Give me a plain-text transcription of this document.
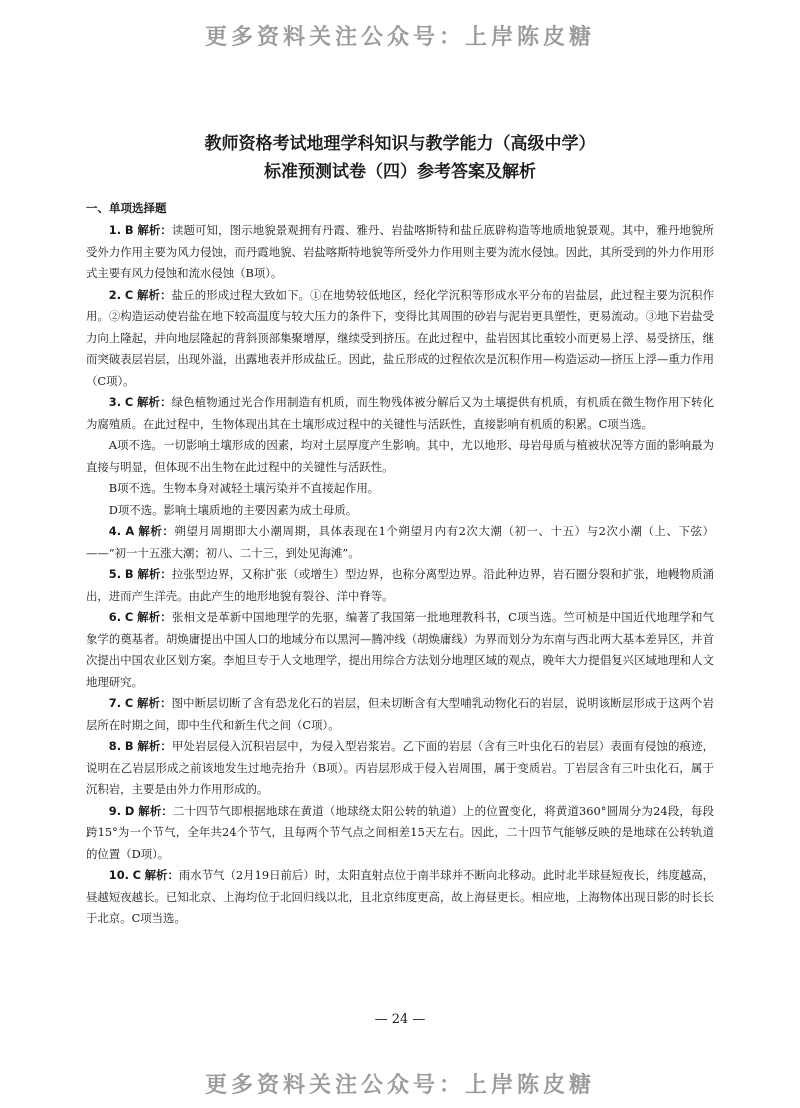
更多资料关注公众号：上岸陈皮糖

教师资格考试地理学科知识与教学能力（高级中学）

标准预测试卷（四）参考答案及解析

一、单项选择题

1. B 解析：读题可知，图示地貌景观拥有丹霞、雅丹、岩盐喀斯特和盐丘底辟构造等地质地貌景观。其中，雅丹地貌所受外力作用主要为风力侵蚀，而丹霞地貌、岩盐喀斯特地貌等所受外力作用则主要为流水侵蚀。因此，其所受到的外力作用形式主要有风力侵蚀和流水侵蚀（B项）。

2. C 解析：盐丘的形成过程大致如下。①在地势较低地区，经化学沉积等形成水平分布的岩盐层，此过程主要为沉积作用。②构造运动使岩盐在地下较高温度与较大压力的条件下，变得比其周围的砂岩与泥岩更具塑性，更易流动。③地下岩盐受力向上隆起，并向地层隆起的背斜顶部集聚增厚，继续受到挤压。在此过程中，盐岩因其比重较小而更易上浮、易受挤压，继而突破表层岩层，出现外溢，出露地表并形成盐丘。因此，盐丘形成的过程依次是沉积作用—构造运动—挤压上浮—重力作用（C项）。

3. C 解析：绿色植物通过光合作用制造有机质，而生物残体被分解后又为土壤提供有机质，有机质在微生物作用下转化为腐殖质。在此过程中，生物体现出其在土壤形成过程中的关键性与活跃性，直接影响有机质的积累。C项当选。

A项不选。一切影响土壤形成的因素，均对土层厚度产生影响。其中，尤以地形、母岩母质与植被状况等方面的影响最为直接与明显，但体现不出生物在此过程中的关键性与活跃性。

B项不选。生物本身对减轻土壤污染并不直接起作用。

D项不选。影响土壤质地的主要因素为成土母质。

4. A 解析：朔望月周期即大小潮周期，具体表现在1个朔望月内有2次大潮（初一、十五）与2次小潮（上、下弦）——“初一十五涨大潮；初八、二十三，到处见海滩”。

5. B 解析：拉张型边界，又称扩张（或增生）型边界，也称分离型边界。沿此种边界，岩石圈分裂和扩张，地幔物质涌出，进而产生洋壳。由此产生的地形地貌有裂谷、洋中脊等。

6. C 解析：张相文是革新中国地理学的先驱，编著了我国第一批地理教科书，C项当选。竺可桢是中国近代地理学和气象学的奠基者。胡焕庸提出中国人口的地域分布以黑河—腾冲线（胡焕庸线）为界而划分为东南与西北两大基本差异区，并首次提出中国农业区划方案。李旭旦专于人文地理学，提出用综合方法划分地理区域的观点，晚年大力提倡复兴区域地理和人文地理研究。

7. C 解析：图中断层切断了含有恐龙化石的岩层，但未切断含有大型哺乳动物化石的岩层，说明该断层形成于这两个岩层所在时期之间，即中生代和新生代之间（C项）。

8. B 解析：甲处岩层侵入沉积岩层中，为侵入型岩浆岩。乙下面的岩层（含有三叶虫化石的岩层）表面有侵蚀的痕迹，说明在乙岩层形成之前该地发生过地壳抬升（B项）。丙岩层形成于侵入岩周围，属于变质岩。丁岩层含有三叶虫化石，属于沉积岩，主要是由外力作用形成的。

9. D 解析：二十四节气即根据地球在黄道（地球绕太阳公转的轨道）上的位置变化，将黄道360°圆周分为24段，每段跨15°为一个节气，全年共24个节气，且每两个节气点之间相差15天左右。因此，二十四节气能够反映的是地球在公转轨道的位置（D项）。

10. C 解析：雨水节气（2月19日前后）时，太阳直射点位于南半球并不断向北移动。此时北半球昼短夜长，纬度越高，昼越短夜越长。已知北京、上海均位于北回归线以北，且北京纬度更高，故上海昼更长。相应地，上海物体出现日影的时长长于北京。C项当选。

— 24 —
更多资料关注公众号：上岸陈皮糖
